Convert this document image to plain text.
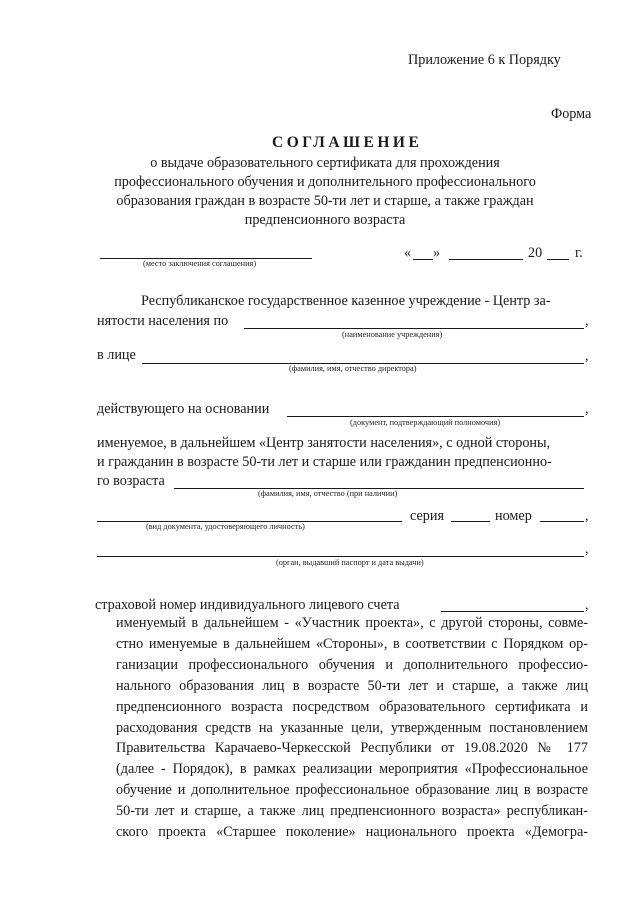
Приложение 6 к Порядку
Форма
СОГЛАШЕНИЕ
о выдаче образовательного сертификата для прохождения
профессионального обучения и дополнительного профессионального
образования граждан в возрасте 50-ти лет и старше, а также граждан
предпенсионного возраста
(место заключения соглашения)
« »	20 г.
Республиканское государственное казенное учреждение - Центр за-
нятости населения по	,
(наименование учреждения)
в лице	,
(фамилия, имя, отчество директора)
действующего на основании	,
(документ, подтверждающий полномочия)
именуемое, в дальнейшем «Центр занятости населения», с одной стороны,
и гражданин в возрасте 50-ти лет и старше или гражданин предпенсионно-
го возраста
(фамилия, имя, отчество (при наличии)
(вид документа, удостоверяющего личность)
серия	номер	,
,
(орган, выдавший паспорт и дата выдачи)
страховой номер индивидуального лицевого счета	,
именуемый в дальнейшем - «Участник проекта», с другой стороны, совме-
стно именуемые в дальнейшем «Стороны», в соответствии с Порядком ор-
ганизации профессионального обучения и дополнительного профессио-
нального образования лиц в возрасте 50-ти лет и старше, а также лиц
предпенсионного возраста посредством образовательного сертификата и
расходования средств на указанные цели, утвержденным постановлением
Правительства Карачаево-Черкесской Республики от 19.08.2020 № 177
(далее - Порядок), в рамках реализации мероприятия «Профессиональное
обучение и дополнительное профессиональное образование лиц в возрасте
50-ти лет и старше, а также лиц предпенсионного возраста» республикан-
ского проекта «Старшее поколение» национального проекта «Демогра-
